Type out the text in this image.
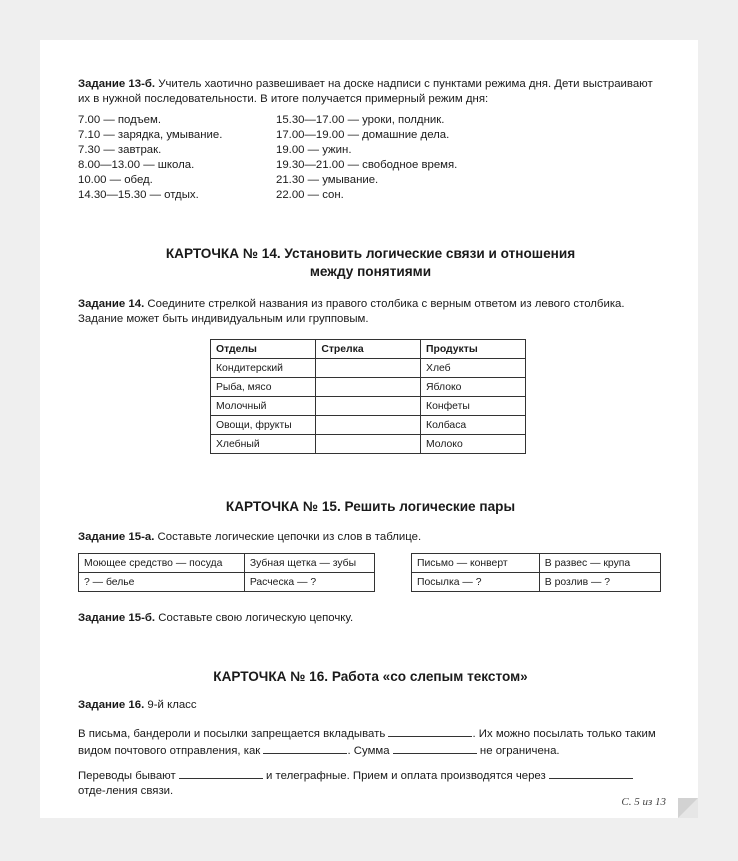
Задание 13-б. Учитель хаотично развешивает на доске надписи с пунктами режима дня. Дети выстраивают их в нужной последовательности. В итоге получается примерный режим дня:

7.00 — подъем.
7.10 — зарядка, умывание.
7.30 — завтрак.
8.00—13.00 — школа.
10.00 — обед.
14.30—15.30 — отдых.
15.30—17.00 — уроки, полдник.
17.00—19.00 — домашние дела.
19.00 — ужин.
19.30—21.00 — свободное время.
21.30 — умывание.
22.00 — сон.
КАРТОЧКА № 14. Установить логические связи и отношения
между понятиями

Задание 14. Соедините стрелкой названия из правого столбика с верным ответом из левого столбика. Задание может быть индивидуальным или групповым.

Отделы	Стрелка	Продукты
Кондитерский		Хлеб
Рыба, мясо		Яблоко
Молочный		Конфеты
Овощи, фрукты		Колбаса
Хлебный		Молоко
КАРТОЧКА № 15. Решить логические пары

Задание 15-а. Составьте логические цепочки из слов в таблице.

Моющее средство — посуда	Зубная щетка — зубы
? — белье	Расческа — ?
Письмо — конверт	В развес — крупа
Посылка — ?	В розлив — ?

Задание 15-б. Составьте свою логическую цепочку.

КАРТОЧКА № 16. Работа «со слепым текстом»

Задание 16. 9-й класс

В письма, бандероли и посылки запрещается вкладывать	. Их можно посылать только таким видом почтового отправления, как	. Сумма	не ограничена.

Переводы бывают	и телеграфные. Прием и оплата производятся через  отде-ления связи.

С. 5 из 13
